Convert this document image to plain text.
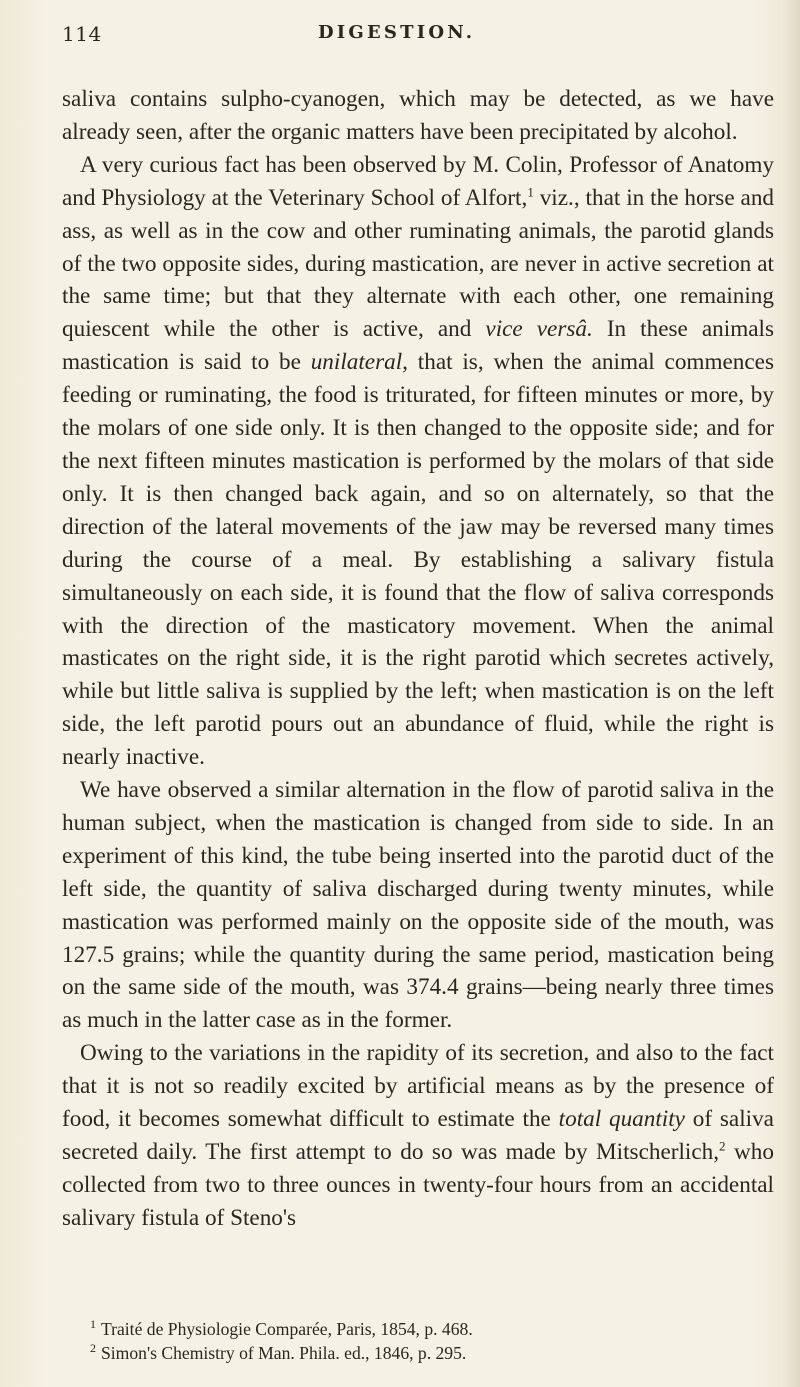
114	DIGESTION.

saliva contains sulpho-cyanogen, which may be detected, as we have already seen, after the organic matters have been precipitated by alcohol.

A very curious fact has been observed by M. Colin, Professor of Anatomy and Physiology at the Veterinary School of Alfort,$^1$ viz., that in the horse and ass, as well as in the cow and other ruminating animals, the parotid glands of the two opposite sides, during mastication, are never in active secretion at the same time; but that they alternate with each other, one remaining quiescent while the other is active, and vice versâ. In these animals mastication is said to be unilateral, that is, when the animal commences feeding or ruminating, the food is triturated, for fifteen minutes or more, by the molars of one side only. It is then changed to the opposite side; and for the next fifteen minutes mastication is performed by the molars of that side only. It is then changed back again, and so on alternately, so that the direction of the lateral movements of the jaw may be reversed many times during the course of a meal. By establishing a salivary fistula simultaneously on each side, it is found that the flow of saliva corresponds with the direction of the masticatory movement. When the animal masticates on the right side, it is the right parotid which secretes actively, while but little saliva is supplied by the left; when mastication is on the left side, the left parotid pours out an abundance of fluid, while the right is nearly inactive.

We have observed a similar alternation in the flow of parotid saliva in the human subject, when the mastication is changed from side to side. In an experiment of this kind, the tube being inserted into the parotid duct of the left side, the quantity of saliva discharged during twenty minutes, while mastication was performed mainly on the opposite side of the mouth, was 127.5 grains; while the quantity during the same period, mastication being on the same side of the mouth, was 374.4 grains—being nearly three times as much in the latter case as in the former.

Owing to the variations in the rapidity of its secretion, and also to the fact that it is not so readily excited by artificial means as by the presence of food, it becomes somewhat difficult to estimate the total quantity of saliva secreted daily. The first attempt to do so was made by Mitscherlich,$^2$ who collected from two to three ounces in twenty-four hours from an accidental salivary fistula of Steno's

$^1$ Traité de Physiologie Comparée, Paris, 1854, p. 468.
$^2$ Simon's Chemistry of Man. Phila. ed., 1846, p. 295.
